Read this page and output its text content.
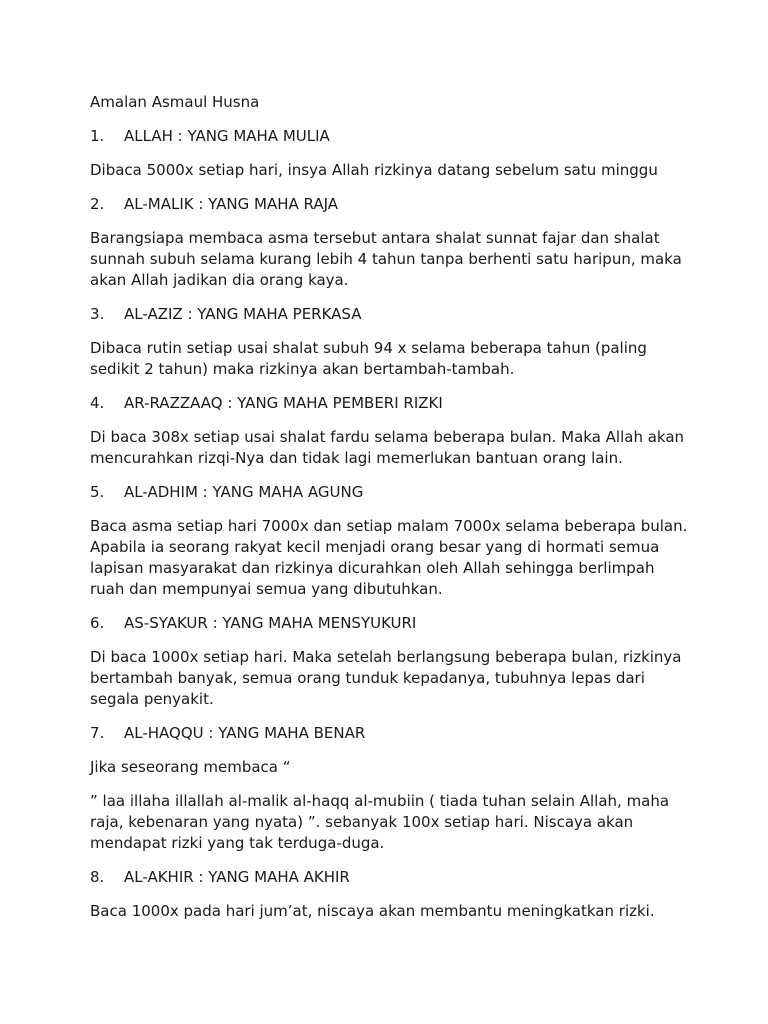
Amalan Asmaul Husna

1.	ALLAH : YANG MAHA MULIA

Dibaca 5000x setiap hari, insya Allah rizkinya datang sebelum satu minggu

2.	AL-MALIK : YANG MAHA RAJA

Barangsiapa membaca asma tersebut antara shalat sunnat fajar dan shalat sunnah subuh selama kurang lebih 4 tahun tanpa berhenti satu haripun, maka akan Allah jadikan dia orang kaya.

3.	AL-AZIZ : YANG MAHA PERKASA

Dibaca rutin setiap usai shalat subuh 94 x selama beberapa tahun (paling sedikit 2 tahun) maka rizkinya akan bertambah-tambah.

4.	AR-RAZZAAQ : YANG MAHA PEMBERI RIZKI

Di baca 308x setiap usai shalat fardu selama beberapa bulan. Maka Allah akan mencurahkan rizqi-Nya dan tidak lagi memerlukan bantuan orang lain.

5.	AL-ADHIM : YANG MAHA AGUNG

Baca asma setiap hari 7000x dan setiap malam 7000x selama beberapa bulan. Apabila ia seorang rakyat kecil menjadi orang besar yang di hormati semua lapisan masyarakat dan rizkinya dicurahkan oleh Allah sehingga berlimpah ruah dan mempunyai semua yang dibutuhkan.

6.	AS-SYAKUR : YANG MAHA MENSYUKURI

Di baca 1000x setiap hari. Maka setelah berlangsung beberapa bulan, rizkinya bertambah banyak, semua orang tunduk kepadanya, tubuhnya lepas dari segala penyakit.

7.	AL-HAQQU : YANG MAHA BENAR

Jika seseorang membaca “

” laa illaha illallah al-malik al-haqq al-mubiin ( tiada tuhan selain Allah, maha raja, kebenaran yang nyata) ”. sebanyak 100x setiap hari. Niscaya akan mendapat rizki yang tak terduga-duga.

8.	AL-AKHIR : YANG MAHA AKHIR

Baca 1000x pada hari jum’at, niscaya akan membantu meningkatkan rizki.
